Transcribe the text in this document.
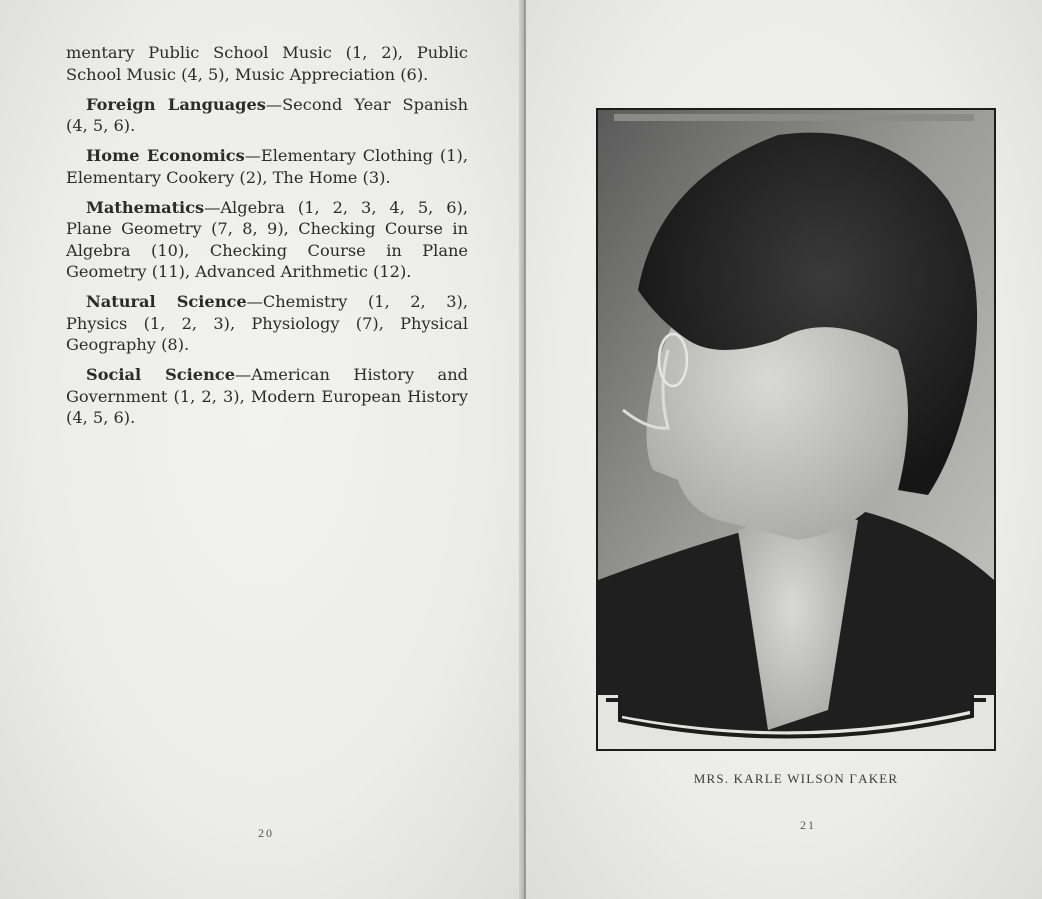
mentary Public School Music (1, 2), Public School Music (4, 5), Music Appreciation (6).

Foreign Languages—Second Year Spanish (4, 5, 6).

Home Economics—Elementary Clothing (1), Elementary Cookery (2), The Home (3).

Mathematics—Algebra (1, 2, 3, 4, 5, 6), Plane Geometry (7, 8, 9), Checking Course in Algebra (10), Checking Course in Plane Geometry (11), Advanced Arithmetic (12).

Natural Science—Chemistry (1, 2, 3), Physics (1, 2, 3), Physiology (7), Physical Geography (8).

Social Science—American History and Government (1, 2, 3), Modern European History (4, 5, 6).

MRS. KARLE WILSON ΓAKER
20
21
